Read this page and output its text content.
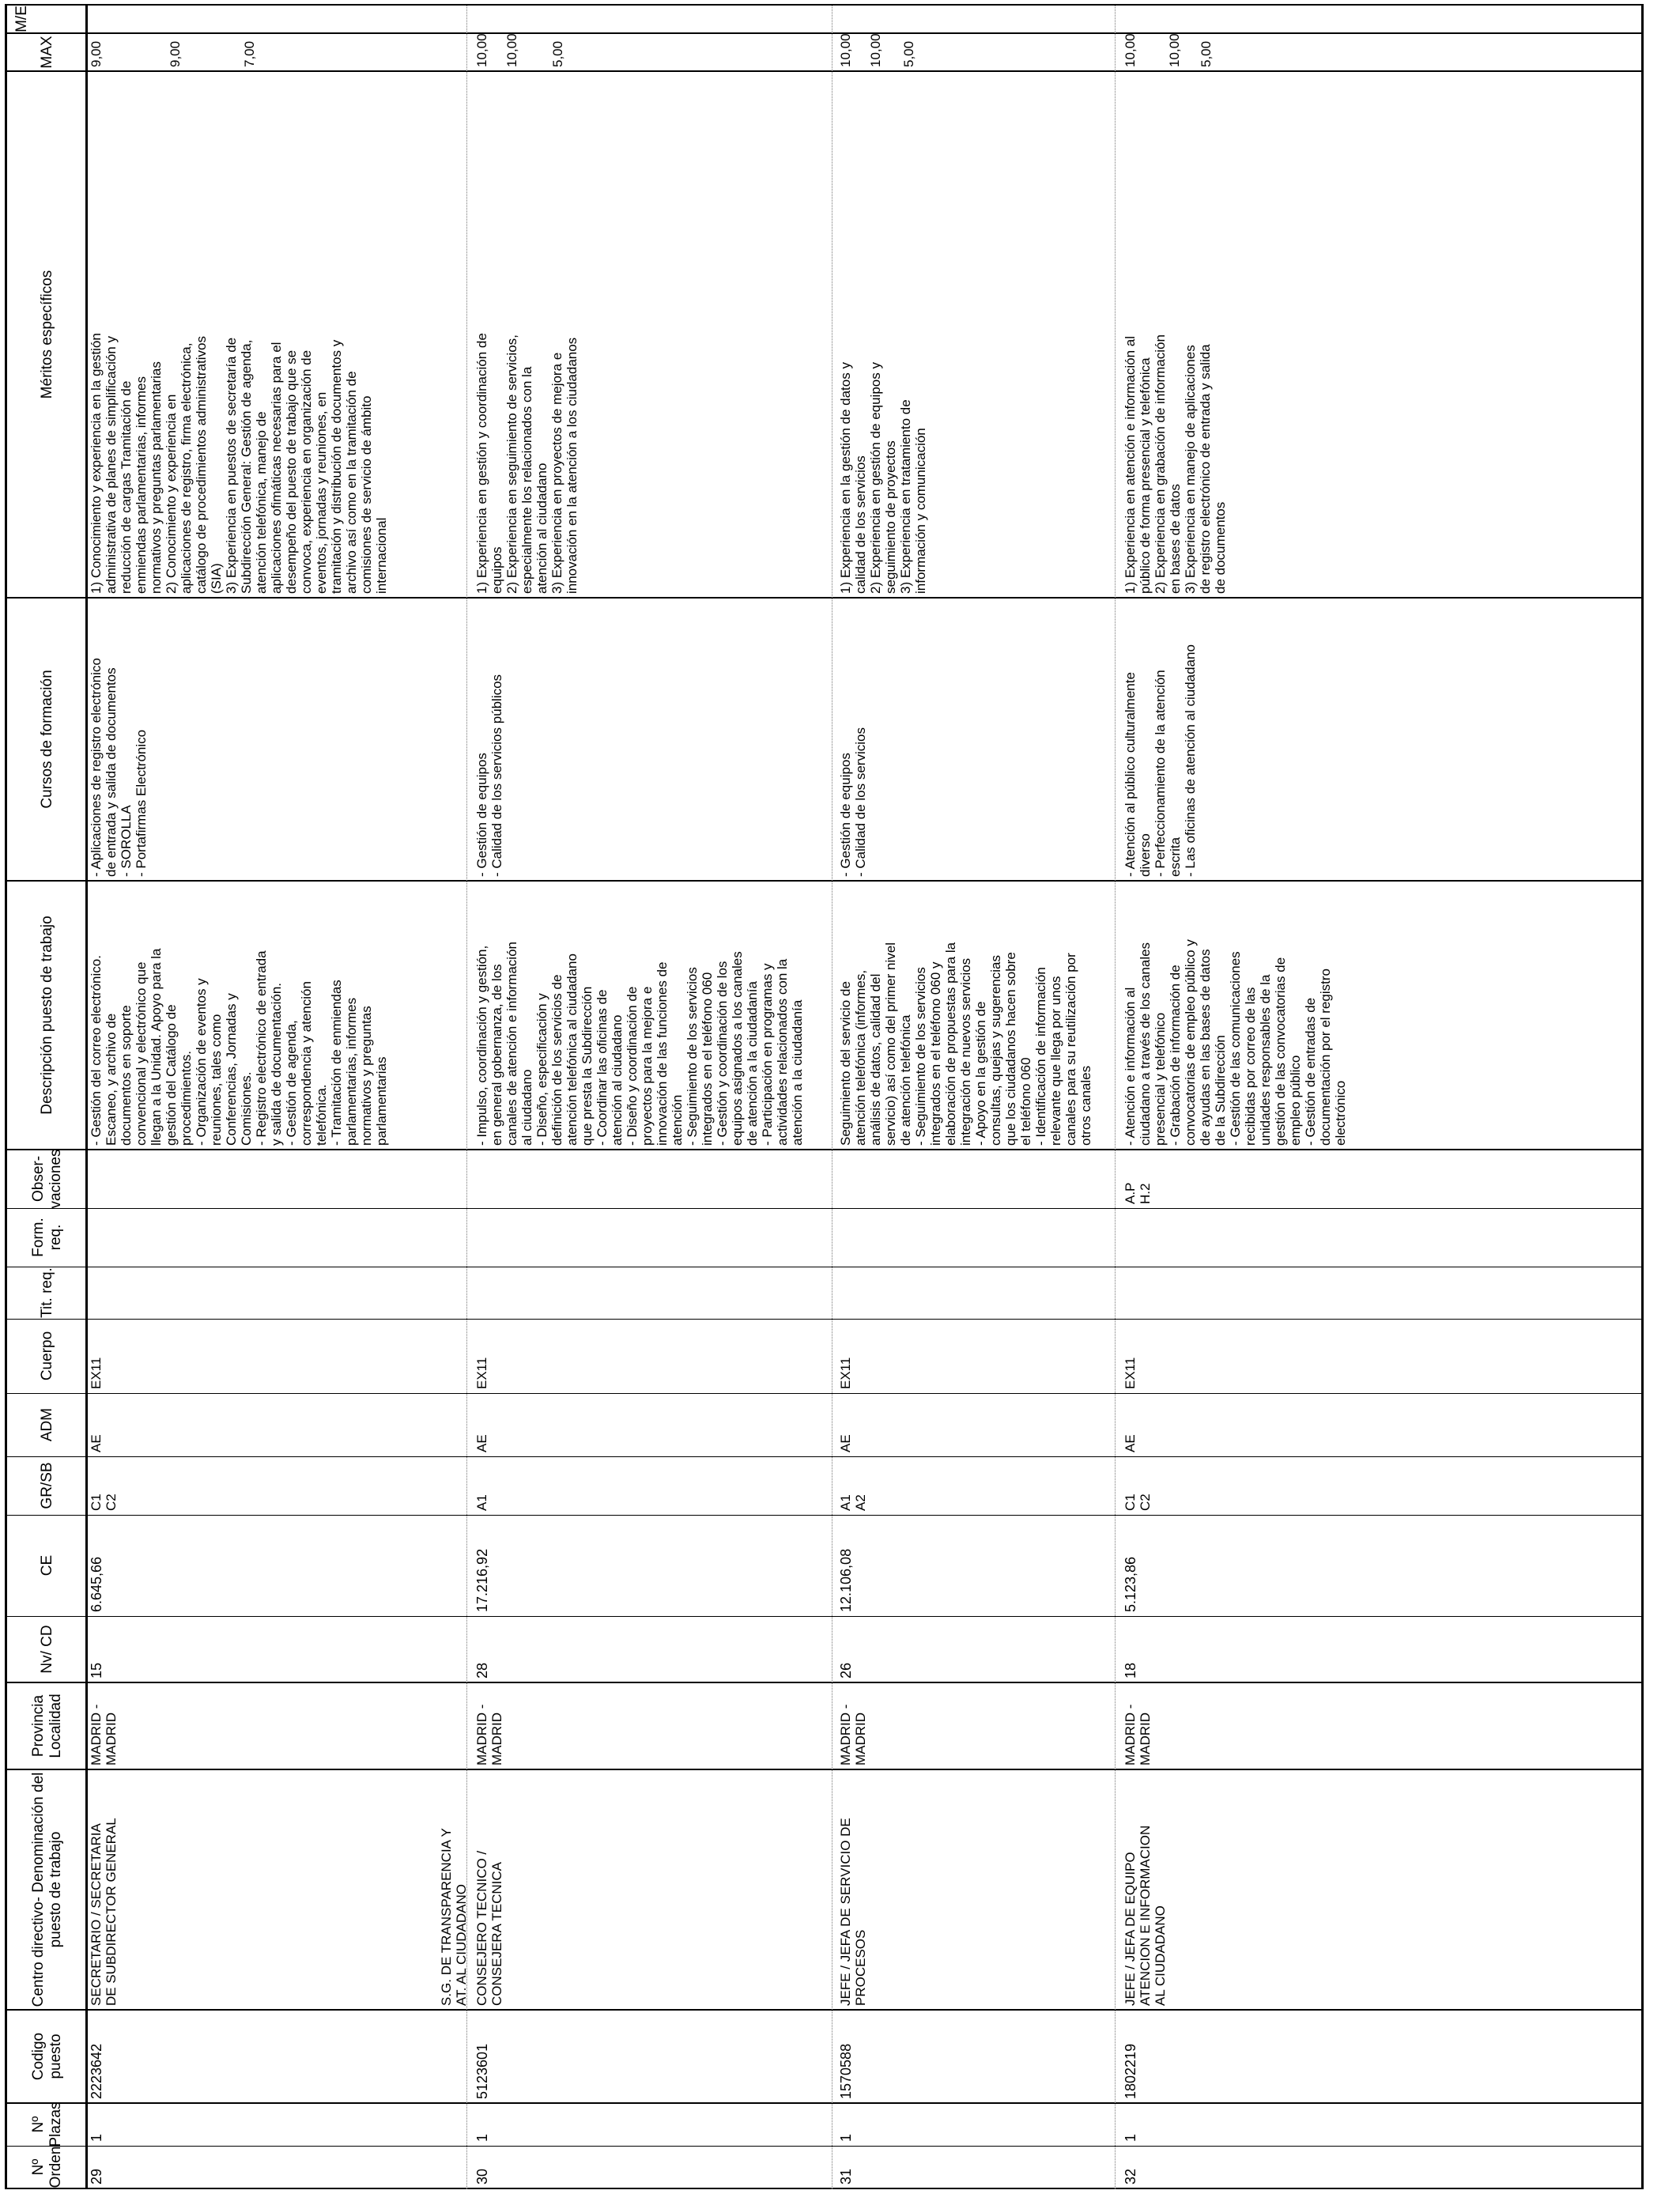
Nº Orden
Nº Plazas
Codigo puesto
Centro directivo- Denominación del puesto de trabajo
Provincia Localidad
Nv/ CD
CE
GR/SB
ADM
Cuerpo
Tit. req.
Form. req.
Obser- vaciones
Descripción puesto de trabajo
Cursos de formación
Méritos específicos
MAX
M/E
29
1
2223642
SECRETARIO / SECRETARIA
DE SUBDIRECTOR GENERAL
MADRID -
MADRID
15
6.645,66
C1
C2
AE
EX11
- Gestión del correo electrónico.
Escaneo, y archivo de
documentos en soporte
convencional y electrónico que
llegan a la Unidad. Apoyo para la
gestión del Catálogo de
procedimientos.
- Organización de eventos y
reuniones, tales como
Conferencias, Jornadas y
Comisiones.
- Registro electrónico de entrada
y salida de documentación.
- Gestión de agenda,
correspondencia y atención
telefónica.
- Tramitación de enmiendas
parlamentarias, informes
normativos y preguntas
parlamentarias
- Aplicaciones de registro electrónico
de entrada y salida de documentos
- SOROLLA
- Portafirmas Electrónico
1) Conocimiento y experiencia en la gestión
administrativa de planes de simplificación y
reducción de cargas Tramitación de
enmiendas parlamentarias, informes
normativos y preguntas parlamentarias
2) Conocimiento y experiencia en
aplicaciones de registro, firma electrónica,
catálogo de procedimientos administrativos
(SIA)
3) Experiencia en puestos de secretaría de
Subdirección General: Gestión de agenda,
atención telefónica, manejo de
aplicaciones ofimáticas necesarias para el
desempeño del puesto de trabajo que se
convoca, experiencia en organización de
eventos, jornadas y reuniones, en
tramitación y distribución de documentos y
archivo así como en la tramitación de
comisiones de servicio de ámbito
internacional
9,00	9,00	7,00
S.G. DE TRANSPARENCIA Y
AT. AL CIUDADANO
30
1
5123601
CONSEJERO TECNICO /
CONSEJERA TECNICA
MADRID -
MADRID
28
17.216,92
A1
AE
EX11
- Impulso, coordinación y gestión,
en general gobernanza, de los
canales de atención e información
al ciudadano
- Diseño, especificación y
definición de los servicios de
atención telefónica al ciudadano
que presta la Subdirección
- Coordinar las oficinas de
atención al ciudadano
- Diseño y coordinación de
proyectos para la mejora e
innovación de las funciones de
atención
- Seguimiento de los servicios
integrados en el teléfono 060
- Gestión y coordinación de los
equipos asignados a los canales
de atención a la ciudadanía
- Participación en programas y
actividades relacionados con la
atención a la ciudadanía
- Gestión de equipos
- Calidad de los servicios públicos
1) Experiencia en gestión y coordinación de
equipos
2) Experiencia en seguimiento de servicios,
especialmente los relacionados con la
atención al ciudadano
3) Experiencia en proyectos de mejora e
innovación en la atención a los ciudadanos
10,00 10,00 5,00
31
1
1570588
JEFE / JEFA DE SERVICIO DE
PROCESOS
MADRID -
MADRID
26
12.106,08
A1
A2
AE
EX11
Seguimiento del servicio de
atención telefónica (informes,
análisis de datos, calidad del
servicio) así como del primer nivel
de atención telefónica
- Seguimiento de los servicios
integrados en el teléfono 060 y
elaboración de propuestas para la
integración de nuevos servicios
- Apoyo en la gestión de
consultas, quejas y sugerencias
que los ciudadanos hacen sobre
el teléfono 060
- Identificación de información
relevante que llega por unos
canales para su reutilización por
otros canales
- Gestión de equipos
- Calidad de los servicios
1) Experiencia en la gestión de datos y
calidad de los servicios
2) Experiencia en gestión de equipos y
seguimiento de proyectos
3) Experiencia en tratamiento de
información y comunicación
10,00 10,00 5,00
32
1
1802219
JEFE / JEFA DE EQUIPO
ATENCION E INFORMACION
AL CIUDADANO
MADRID -
MADRID
18
5.123,86
C1
C2
AE
EX11
A.P
H.2
- Atención e información al
ciudadano a través de los canales
presencial y telefónico
- Grabación de información de
convocatorias de empleo público y
de ayudas en las bases de datos
de la Subdirección
- Gestión de las comunicaciones
recibidas por correo de las
unidades responsables de la
gestión de las convocatorias de
empleo público
- Gestión de entradas de
documentación por el registro
electrónico
- Atención al público culturalmente
diverso
- Perfeccionamiento de la atención
escrita
- Las oficinas de atención al ciudadano
1) Experiencia en atención e información al
público de forma presencial y telefónica
2) Experiencia en grabación de información
en bases de datos
3) Experiencia en manejo de aplicaciones
de registro electrónico de entrada y salida
de documentos
10,00 10,00 5,00
